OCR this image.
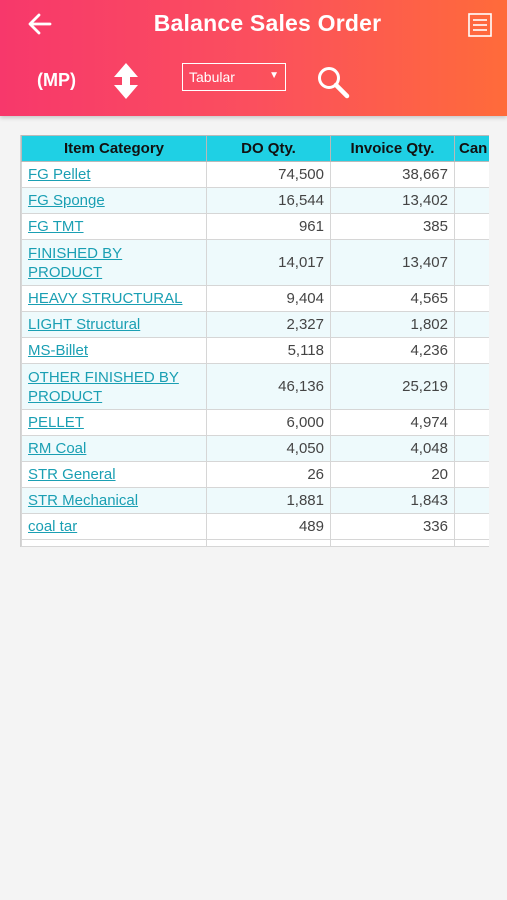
Balance Sales Order
(MP)	Tabular	▼
Item Category	DO Qty.	Invoice Qty.	Can
FG Pellet	74,500	38,667	
FG Sponge	16,544	13,402	
FG TMT	961	385	
FINISHED BY PRODUCT	14,017	13,407	
HEAVY STRUCTURAL	9,404	4,565	
LIGHT Structural	2,327	1,802	
MS-Billet	5,118	4,236	
OTHER FINISHED BY PRODUCT	46,136	25,219	
PELLET	6,000	4,974	
RM Coal	4,050	4,048	
STR General	26	20	
STR Mechanical	1,881	1,843	
coal tar	489	336	
